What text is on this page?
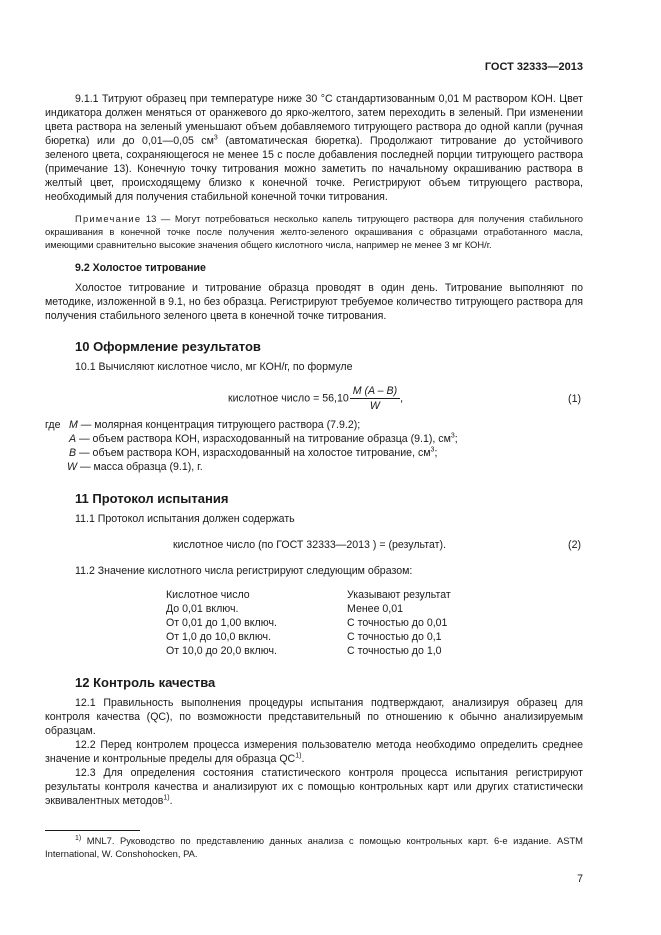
ГОСТ 32333—2013

9.1.1 Титруют образец при температуре ниже 30 °С стандартизованным 0,01 М раствором КОН. Цвет индикатора должен меняться от оранжевого до ярко-желтого, затем переходить в зеленый. При изменении цвета раствора на зеленый уменьшают объем добавляемого титрующего раствора до одной капли (ручная бюретка) или до 0,01—0,05 $см^3$ (автоматическая бюретка). Продолжают титрование до устойчивого зеленого цвета, сохраняющегося не менее 15 с после добавления последней порции титрующего раствора (примечание 13). Конечную точку титрования можно заметить по начальному окрашиванию раствора в желтый цвет, происходящему близко к конечной точке. Регистрируют объем титрующего раствора, необходимый для получения стабильной конечной точки титрования.

Примечание 13 — Могут потребоваться несколько капель титрующего раствора для получения стабильного окрашивания в конечной точке после получения желто-зеленого окрашивания с образцами отработанного масла, имеющими сравнительно высокие значения общего кислотного числа, например не менее 3 мг КОН/г.

9.2 Холостое титрование

Холостое титрование и титрование образца проводят в один день. Титрование выполняют по методике, изложенной в 9.1, но без образца. Регистрируют требуемое количество титрующего раствора для получения стабильного зеленого цвета в конечной точке титрования.

10 Оформление результатов

10.1 Вычисляют кислотное число, мг КОН/г, по формуле

кислотное число = $56,10 \frac{M (A - B)}{W}$ ,	(1)
где M — молярная концентрация титрующего раствора (7.9.2);
A — объем раствора КОН, израсходованный на титрование образца (9.1), $см^3$;
B — объем раствора КОН, израсходованный на холостое титрование, $см^3$;
W — масса образца (9.1), г.
11 Протокол испытания

11.1 Протокол испытания должен содержать

кислотное число (по ГОСТ 32333—2013 ) = (результат).	(2)

11.2 Значение кислотного числа регистрируют следующим образом:

Кислотное число	Указывают результат
До 0,01 включ.	Менее 0,01
От 0,01 до 1,00 включ.	С точностью до 0,01
От 1,0 до 10,0 включ.	С точностью до 0,1
От 10,0 до 20,0 включ.	С точностью до 1,0
12 Контроль качества

12.1 Правильность выполнения процедуры испытания подтверждают, анализируя образец для контроля качества (QC), по возможности представительный по отношению к обычно анализируемым образцам.

12.2 Перед контролем процесса измерения пользователю метода необходимо определить среднее значение и контрольные пределы для образца QC$^{1)}$.

12.3 Для определения состояния статистического контроля процесса испытания регистрируют результаты контроля качества и анализируют их с помощью контрольных карт или других статистически эквивалентных методов$^{1)}$.

$^{1)}$ MNL7. Руководство по представлению данных анализа с помощью контрольных карт. 6-е издание. ASTM International, W. Conshohocken, PA.

7
